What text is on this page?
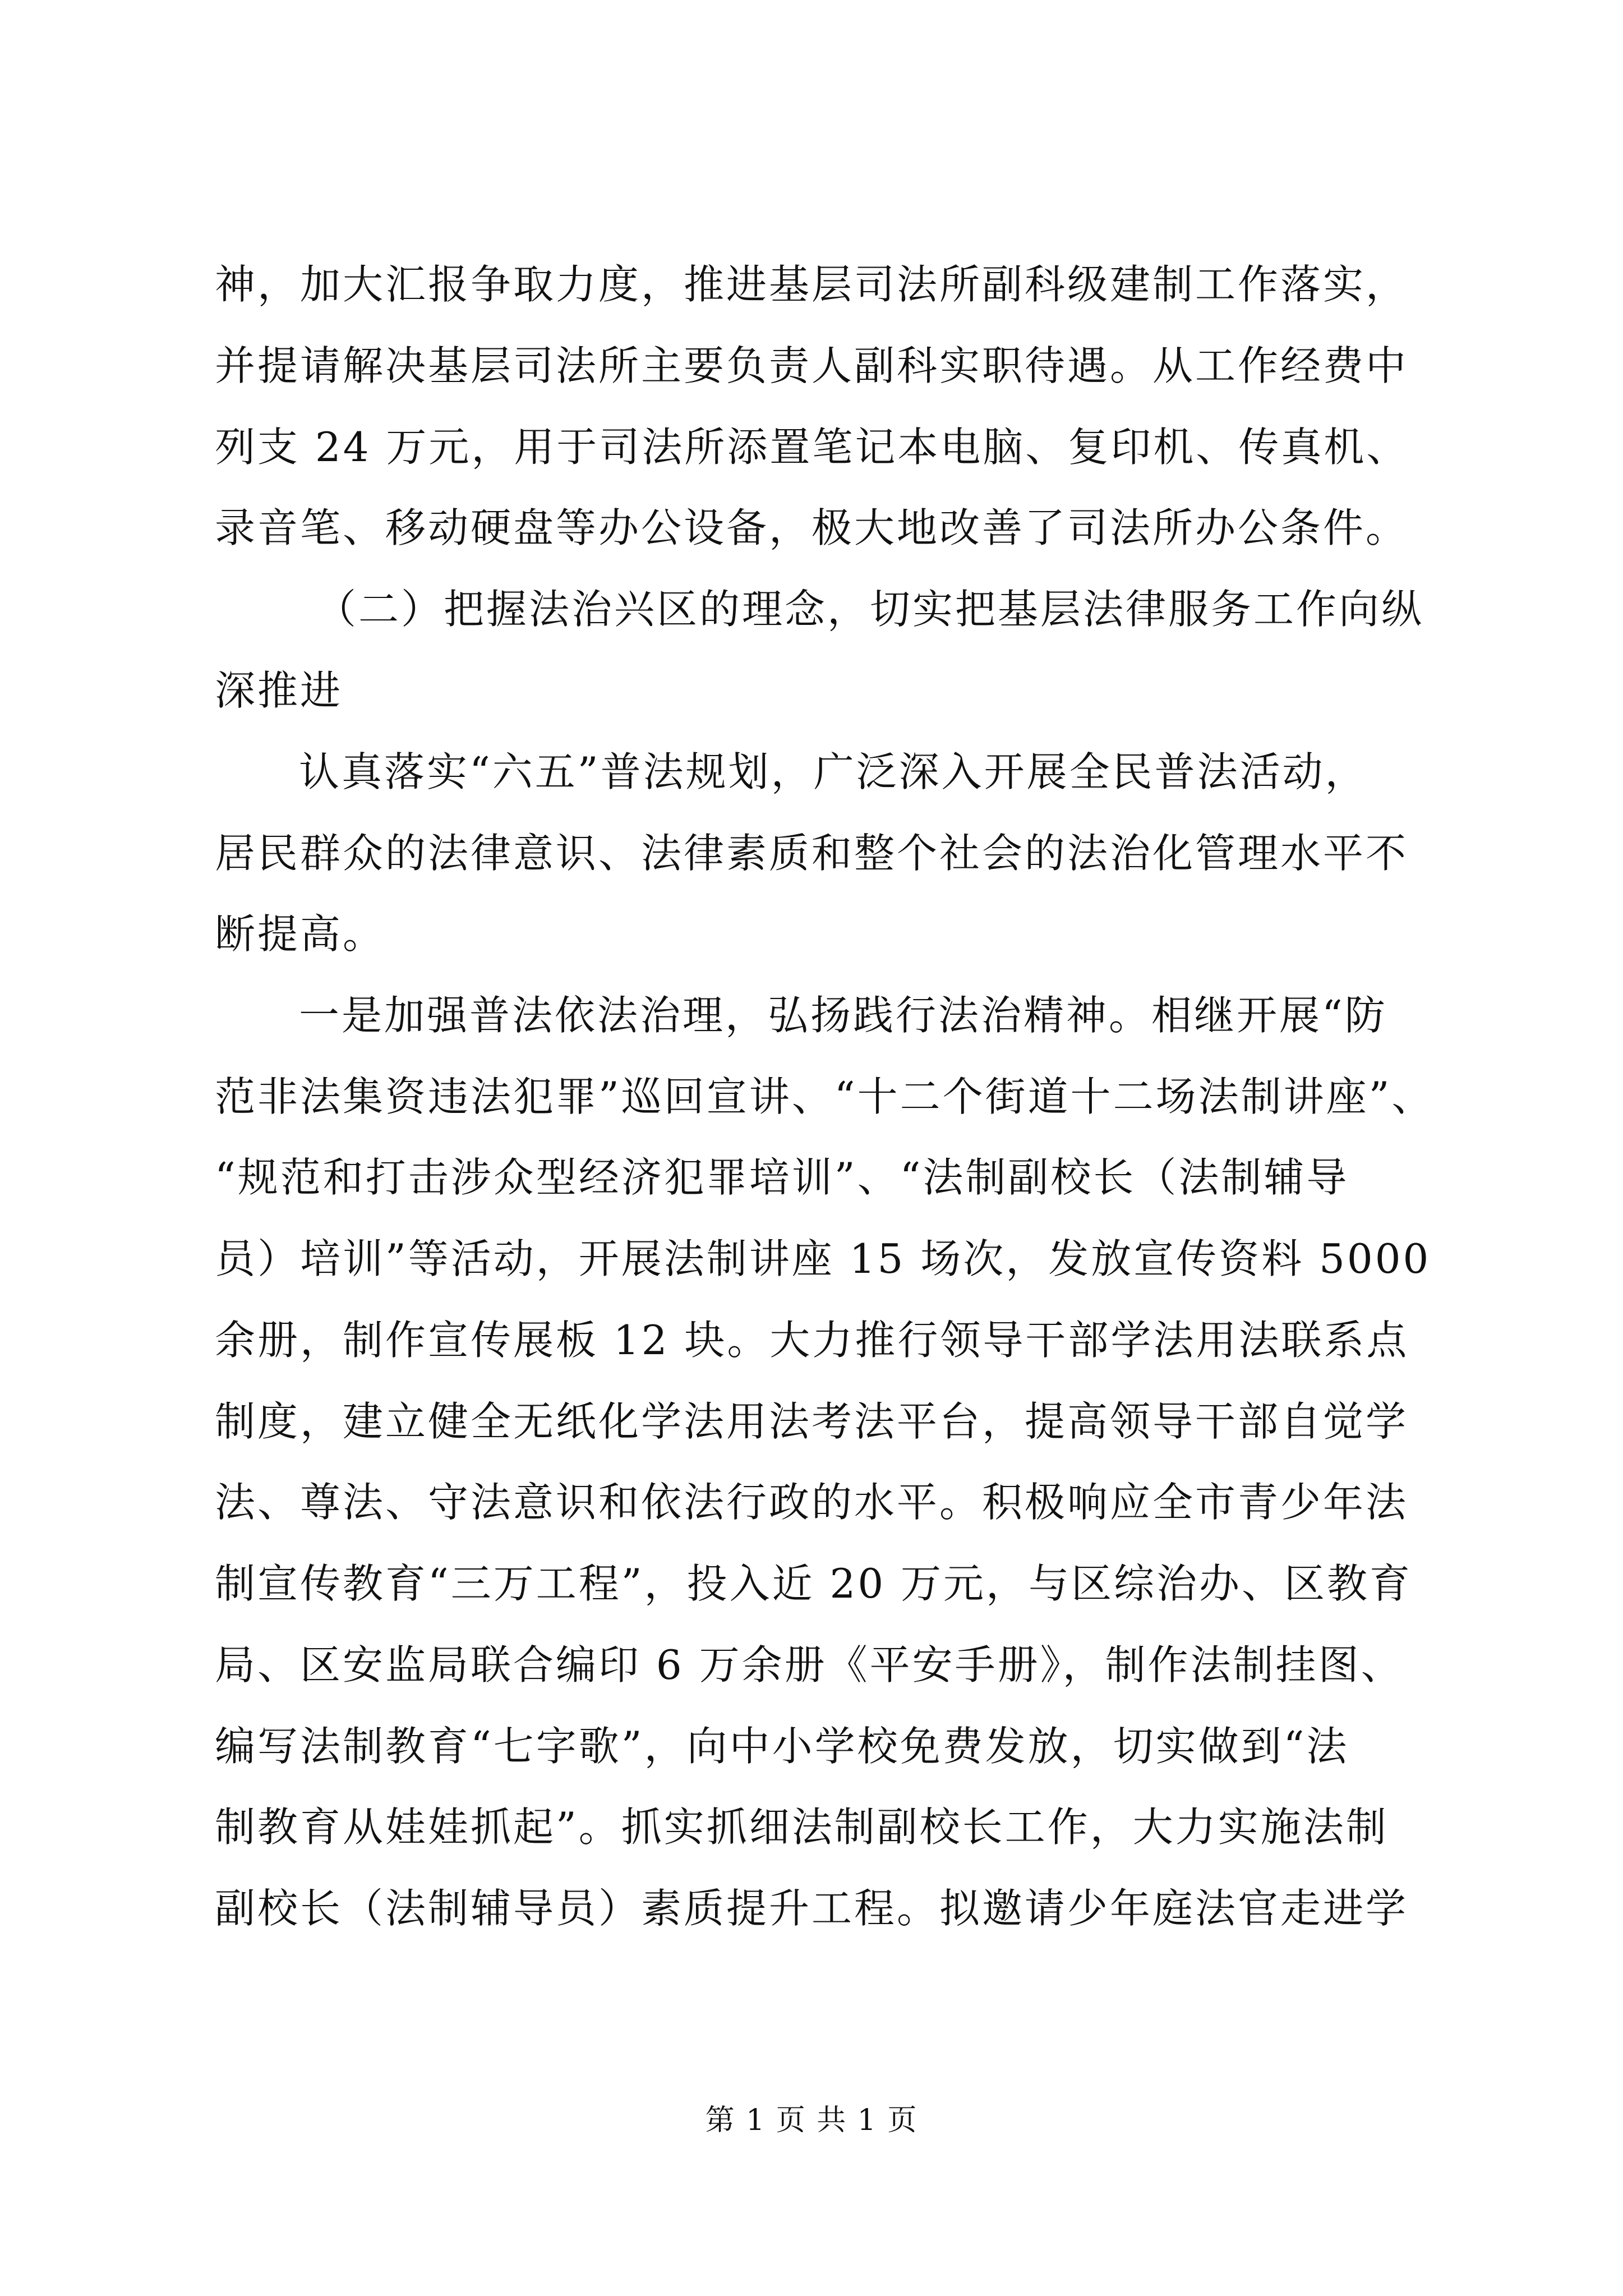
神，加大汇报争取力度，推进基层司法所副科级建制工作落实，
并提请解决基层司法所主要负责人副科实职待遇。从工作经费中
列支 24 万元，用于司法所添置笔记本电脑、复印机、传真机、
录音笔、移动硬盘等办公设备，极大地改善了司法所办公条件。
（二）把握法治兴区的理念，切实把基层法律服务工作向纵
深推进
认真落实“六五”普法规划，广泛深入开展全民普法活动，
居民群众的法律意识、法律素质和整个社会的法治化管理水平不
断提高。
一是加强普法依法治理，弘扬践行法治精神。相继开展“防
范非法集资违法犯罪”巡回宣讲、“十二个街道十二场法制讲座”、
“规范和打击涉众型经济犯罪培训”、“法制副校长（法制辅导
员）培训”等活动，开展法制讲座 15 场次，发放宣传资料 5000
余册，制作宣传展板 12 块。大力推行领导干部学法用法联系点
制度，建立健全无纸化学法用法考法平台，提高领导干部自觉学
法、尊法、守法意识和依法行政的水平。积极响应全市青少年法
制宣传教育“三万工程”，投入近 20 万元，与区综治办、区教育
局、区安监局联合编印 6 万余册《平安手册》，制作法制挂图、
编写法制教育“七字歌”，向中小学校免费发放，切实做到“法
制教育从娃娃抓起”。抓实抓细法制副校长工作，大力实施法制
副校长（法制辅导员）素质提升工程。拟邀请少年庭法官走进学
第 1 页 共 1 页
